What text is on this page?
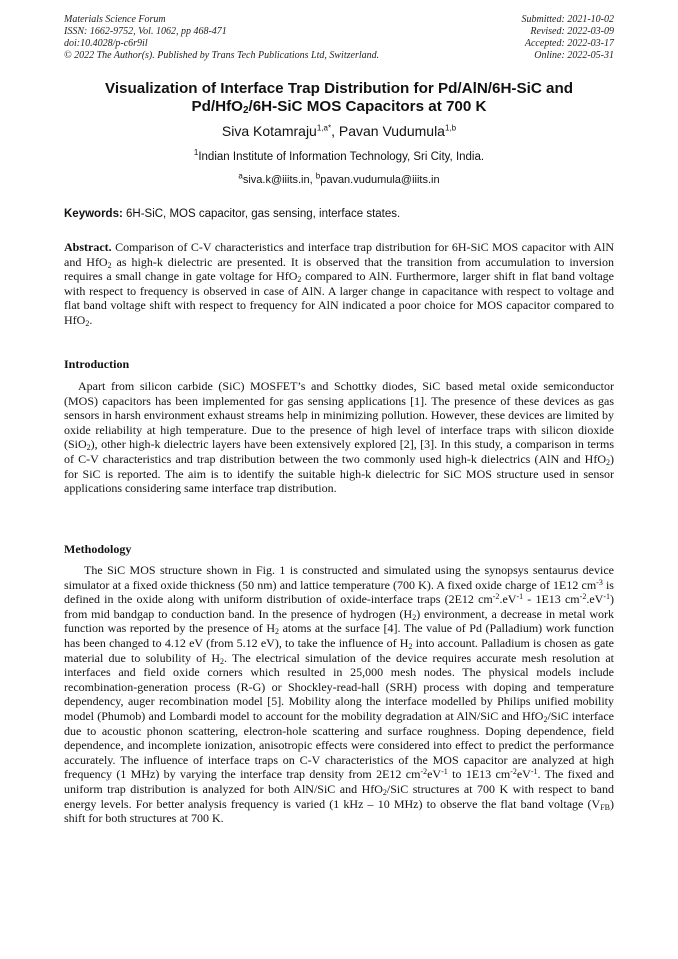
Materials Science Forum
ISSN: 1662-9752, Vol. 1062, pp 468-471
doi:10.4028/p-c6r9il
© 2022 The Author(s). Published by Trans Tech Publications Ltd, Switzerland.
Submitted: 2021-10-02
Revised: 2022-03-09
Accepted: 2022-03-17
Online: 2022-05-31
Visualization of Interface Trap Distribution for Pd/AlN/6H-SiC and
Pd/HfO$_2$/6H-SiC MOS Capacitors at 700 K
Siva Kotamraju$^{1,a*}$, Pavan Vudumula$^{1,b}$
$^1$Indian Institute of Information Technology, Sri City, India.
$^a$siva.k@iiits.in, $^b$pavan.vudumula@iiits.in
Keywords: 6H-SiC, MOS capacitor, gas sensing, interface states.
Abstract. Comparison of C-V characteristics and interface trap distribution for 6H-SiC MOS capacitor with AlN and HfO$_2$ as high-k dielectric are presented. It is observed that the transition from accumulation to inversion requires a small change in gate voltage for HfO$_2$ compared to AlN. Furthermore, larger shift in flat band voltage with respect to frequency is observed in case of AlN. A larger change in capacitance with respect to voltage and flat band voltage shift with respect to frequency for AlN indicated a poor choice for MOS capacitor compared to HfO$_2$.
Introduction
Apart from silicon carbide (SiC) MOSFET’s and Schottky diodes, SiC based metal oxide semiconductor (MOS) capacitors has been implemented for gas sensing applications [1]. The presence of these devices as gas sensors in harsh environment exhaust streams help in minimizing pollution. However, these devices are limited by oxide reliability at high temperature. Due to the presence of high level of interface traps with silicon dioxide (SiO$_2$), other high-k dielectric layers have been extensively explored [2], [3]. In this study, a comparison in terms of C-V characteristics and trap distribution between the two commonly used high-k dielectrics (AlN and HfO$_2$) for SiC is reported. The aim is to identify the suitable high-k dielectric for SiC MOS structure used in sensor applications considering same interface trap distribution.
Methodology
The SiC MOS structure shown in Fig. 1 is constructed and simulated using the synopsys sentaurus device simulator at a fixed oxide thickness (50 nm) and lattice temperature (700 K). A fixed oxide charge of 1E12 $cm^{-3}$ is defined in the oxide along with uniform distribution of oxide-interface traps (2E12 $cm^{-2}.eV^{-1} - 1E13$ $cm^{-2}.eV^{-1}$) from mid bandgap to conduction band. In the presence of hydrogen $(H_2)$ environment, a decrease in metal work function was reported by the presence of $H_2$ atoms at the surface [4]. The value of Pd (Palladium) work function has been changed to 4.12 eV (from 5.12 eV), to take the influence of $H_2$ into account. Palladium is chosen as gate material due to solubility of $H_2$. The electrical simulation of the device requires accurate mesh resolution at interfaces and field oxide corners which resulted in 25,000 mesh nodes. The physical models include recombination-generation process (R-G) or Shockley-read-hall (SRH) process with doping and temperature dependency, auger recombination model [5]. Mobility along the interface modelled by Philips unified mobility model (Phumob) and Lombardi model to account for the mobility degradation at AlN/SiC and HfO$_2$/SiC interface due to acoustic phonon scattering, electron-hole scattering and surface roughness. Doping dependence, field dependence, and incomplete ionization, anisotropic effects were considered into effect to predict the performance accurately. The influence of interface traps on C-V characteristics of the MOS capacitor are analyzed at high frequency (1 MHz) by varying the interface trap density from 2E12 $cm^{-2}eV^{-1}$ to 1E13 $cm^{-2}eV^{-1}$. The fixed and uniform trap distribution is analyzed for both AlN/SiC and HfO$_2$/SiC structures at 700 K with respect to band energy levels. For better analysis frequency is varied (1 kHz – 10 MHz) to observe the flat band voltage $(V_{FB})$ shift for both structures at 700 K.
